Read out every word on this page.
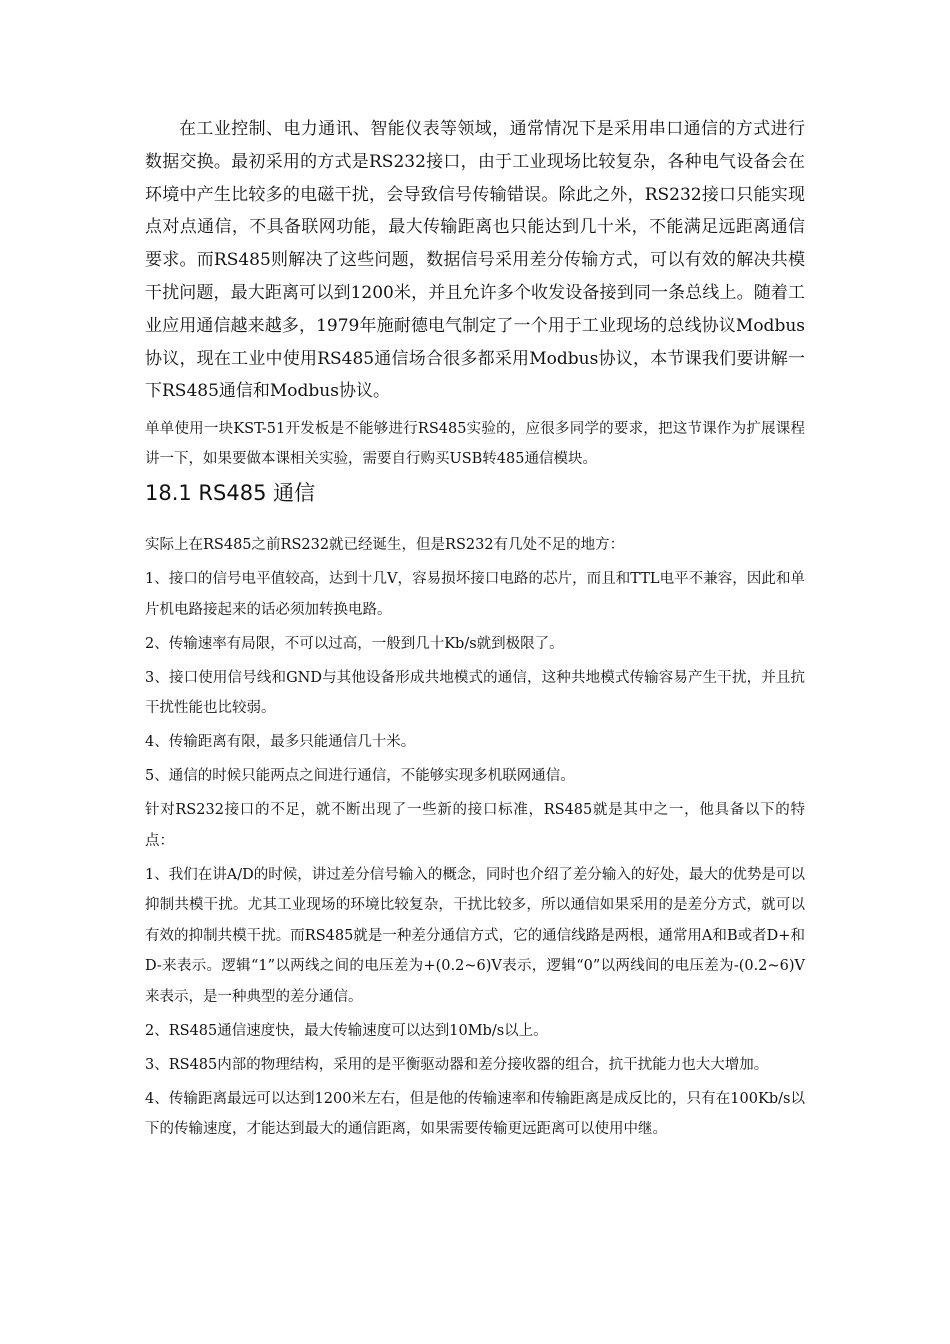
在工业控制、电力通讯、智能仪表等领域，通常情况下是采用串口通信的方式进行数据交换。最初采用的方式是RS232接口，由于工业现场比较复杂，各种电气设备会在环境中产生比较多的电磁干扰，会导致信号传输错误。除此之外，RS232接口只能实现点对点通信，不具备联网功能，最大传输距离也只能达到几十米，不能满足远距离通信要求。而RS485则解决了这些问题，数据信号采用差分传输方式，可以有效的解决共模干扰问题，最大距离可以到1200米，并且允许多个收发设备接到同一条总线上。随着工业应用通信越来越多，1979年施耐德电气制定了一个用于工业现场的总线协议Modbus协议，现在工业中使用RS485通信场合很多都采用Modbus协议，本节课我们要讲解一下RS485通信和Modbus协议。

单单使用一块KST-51开发板是不能够进行RS485实验的，应很多同学的要求，把这节课作为扩展课程讲一下，如果要做本课相关实验，需要自行购买USB转485通信模块。

18.1 RS485 通信

实际上在RS485之前RS232就已经诞生，但是RS232有几处不足的地方：

1、接口的信号电平值较高，达到十几V，容易损坏接口电路的芯片，而且和TTL电平不兼容，因此和单片机电路接起来的话必须加转换电路。

2、传输速率有局限，不可以过高，一般到几十Kb/s就到极限了。

3、接口使用信号线和GND与其他设备形成共地模式的通信，这种共地模式传输容易产生干扰，并且抗干扰性能也比较弱。

4、传输距离有限，最多只能通信几十米。

5、通信的时候只能两点之间进行通信，不能够实现多机联网通信。

针对RS232接口的不足，就不断出现了一些新的接口标准，RS485就是其中之一，他具备以下的特点：

1、我们在讲A/D的时候，讲过差分信号输入的概念，同时也介绍了差分输入的好处，最大的优势是可以抑制共模干扰。尤其工业现场的环境比较复杂，干扰比较多，所以通信如果采用的是差分方式，就可以有效的抑制共模干扰。而RS485就是一种差分通信方式，它的通信线路是两根，通常用A和B或者D+和D-来表示。逻辑“1”以两线之间的电压差为+(0.2~6)V表示，逻辑“0”以两线间的电压差为-(0.2~6)V来表示，是一种典型的差分通信。

2、RS485通信速度快，最大传输速度可以达到10Mb/s以上。

3、RS485内部的物理结构，采用的是平衡驱动器和差分接收器的组合，抗干扰能力也大大增加。

4、传输距离最远可以达到1200米左右，但是他的传输速率和传输距离是成反比的，只有在100Kb/s以下的传输速度，才能达到最大的通信距离，如果需要传输更远距离可以使用中继。
